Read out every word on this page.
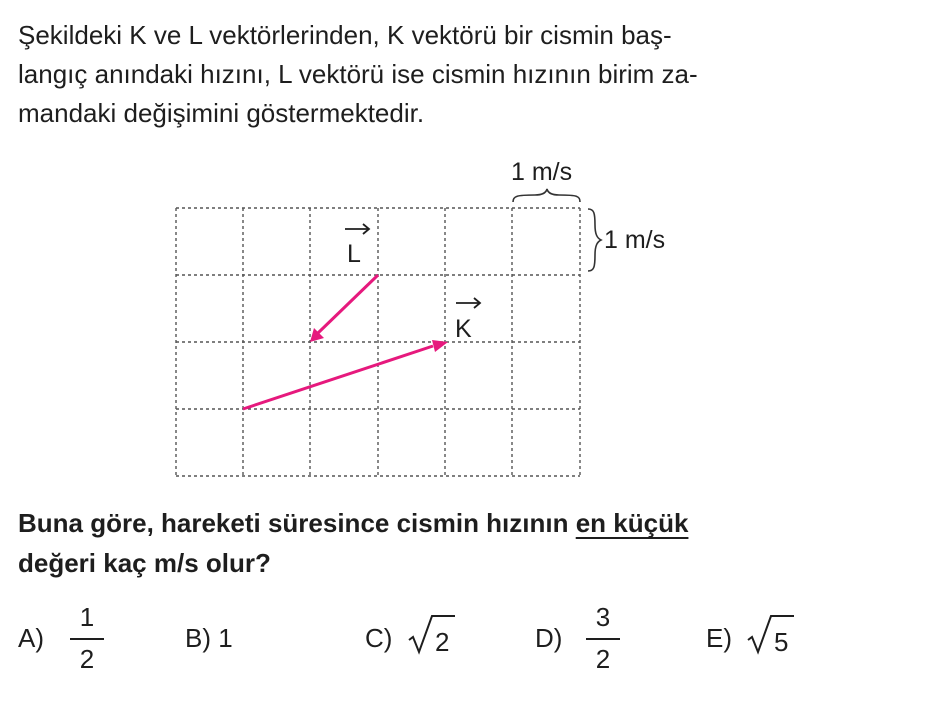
Şekildeki K ve L vektörlerinden, K vektörü bir cismin baş-
langıç anındaki hızını, L vektörü ise cismin hızının birim za-
mandaki değişimini göstermektedir.
1 m/s
1 m/s
L
K
Buna göre, hareketi süresince cismin hızının en küçük
değeri kaç m/s olur?
A)
1
2
B) 1	C) 2	D)
3
2
E) 5
